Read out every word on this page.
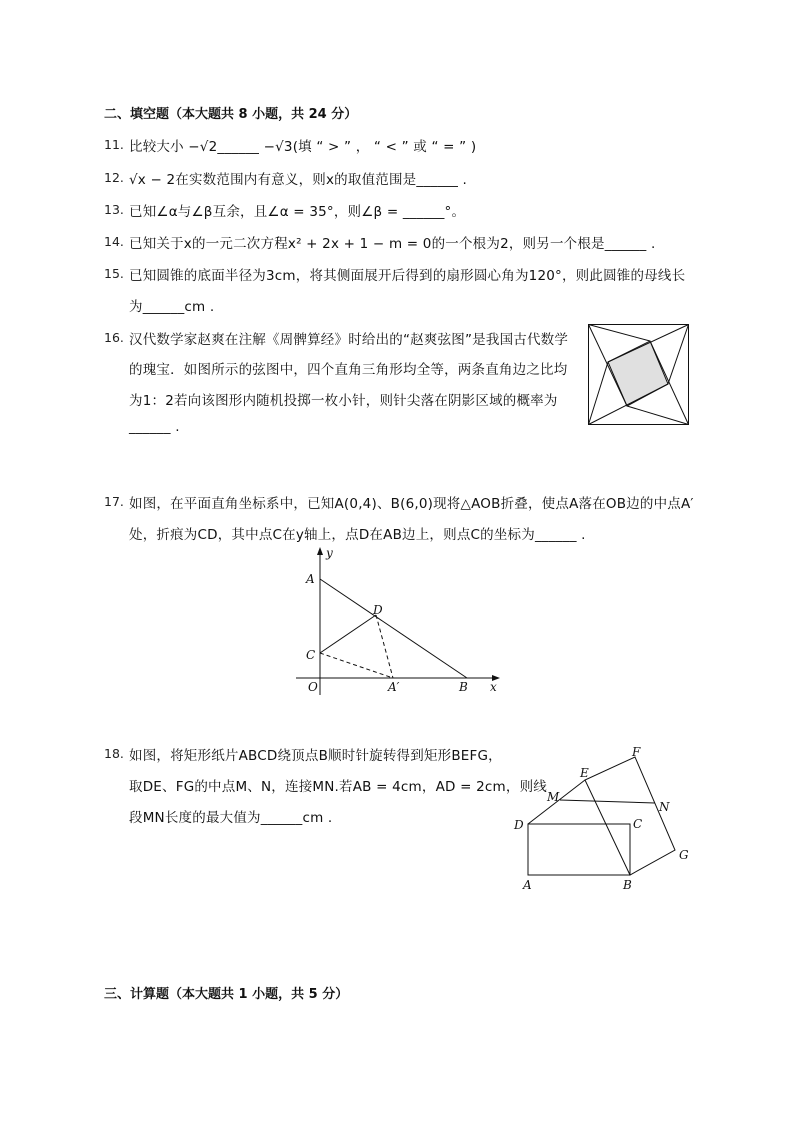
二、填空题（本大题共 8 小题，共 24 分）
11. 比较大小 −√2______ −√3(填 “ > ” ， “ < ” 或 “ = ” )
12. √x − 2在实数范围内有意义，则x的取值范围是______ .
13. 已知∠α与∠β互余，且∠α = 35°，则∠β = ______°。
14. 已知关于x的一元二次方程x² + 2x + 1 − m = 0的一个根为2，则另一个根是______ .
15. 已知圆锥的底面半径为3cm，将其侧面展开后得到的扇形圆心角为120°，则此圆锥的母线长
为______cm .
16. 汉代数学家赵爽在注解《周髀算经》时给出的“赵爽弦图”是我国古代数学
的瑰宝．如图所示的弦图中，四个直角三角形均全等，两条直角边之比均
为1：2若向该图形内随机投掷一枚小针，则针尖落在阴影区域的概率为
______ .
17. 如图，在平面直角坐标系中，已知A(0,4)、B(6,0)现将△AOB折叠，使点A落在OB边的中点A′
处，折痕为CD，其中点C在y轴上，点D在AB边上，则点C的坐标为______ .
y
A
D
C
O	A′	B x
18. 如图，将矩形纸片ABCD绕顶点B顺时针旋转得到矩形BEFG，
取DE、FG的中点M、N，连接MN.若AB = 4cm，AD = 2cm，则线
段MN长度的最大值为______cm .
F
E
M
N
D	C
G
A	B
三、计算题（本大题共 1 小题，共 5 分）
